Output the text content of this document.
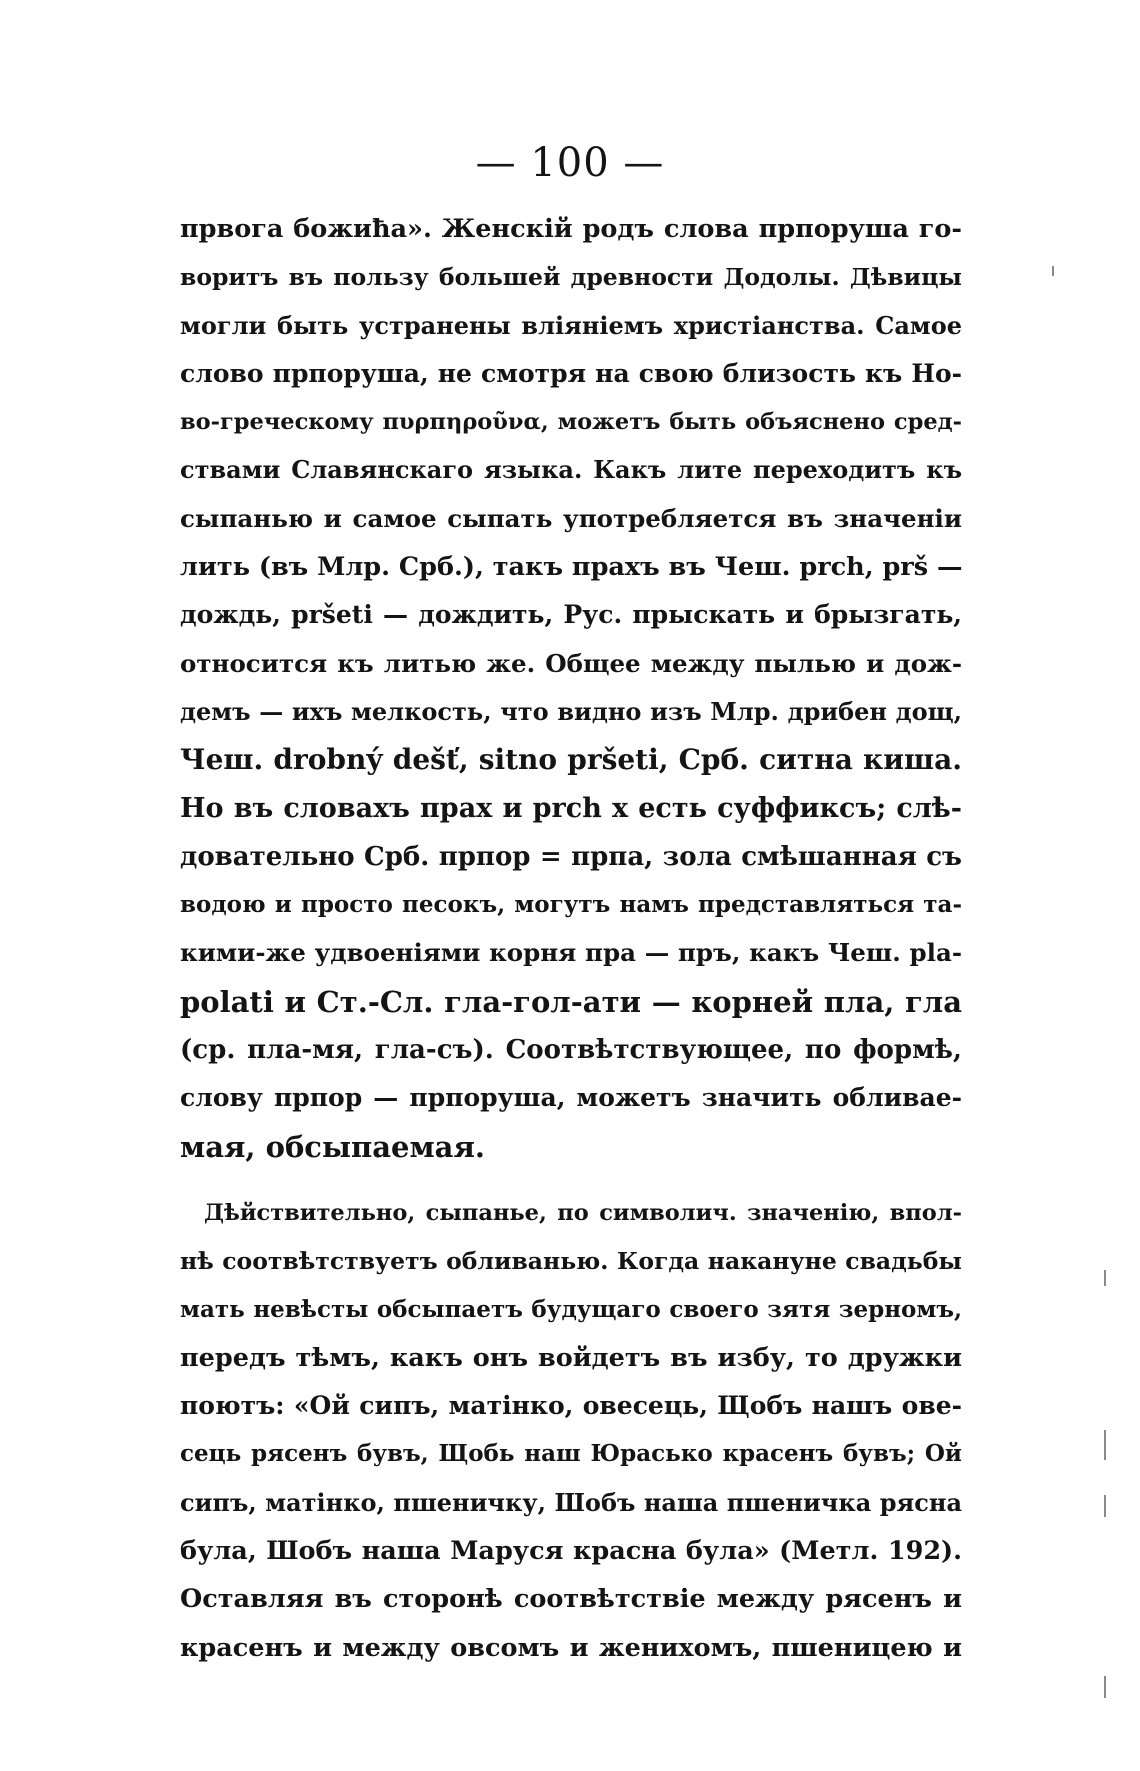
— 100 —
првога божиħа». Женскій родъ слова прпоруша го-
воритъ въ пользу большей древности Додолы. Дѣвицы
могли быть устранены вліяніемъ христіанства. Самое
слово прпоруша, не смотря на свою близость къ Но-
во-греческому πυρπηροῦνα, можетъ быть объяснено сред-
ствами Славянскаго языка. Какъ лите переходитъ къ
сыпанью и самое сыпать употребляется въ значеніи
лить (въ Млр. Срб.), такъ прахъ въ Чеш. prch, prš —
дождь, pršeti — дождить, Рус. прыскать и брызгать,
относится къ литью же. Общее между пылью и дож-
демъ — ихъ мелкость, что видно изъ Млр. дрибен дощ,
Чеш. drobný dešť, sitno pršeti, Срб. ситна киша.
Но въ словахъ прах и prch х есть суффиксъ; слѣ-
довательно Срб. прпор = прпа, зола смѣшанная съ
водою и просто песокъ, могутъ намъ представляться та-
кими-же удвоеніями корня пра — пръ, какъ Чеш. pla-
polati и Ст.-Сл. гла-гол-ати — корней пла, гла
(ср. пла-мя, гла-съ). Соотвѣтствующее, по формѣ,
слову прпор — прпоруша, можетъ значить обливае-
мая, обсыпаемая.
Дѣйствительно, сыпанье, по символич. значенію, впол-
нѣ соотвѣтствуетъ обливанью. Когда накануне свадьбы
мать невѣсты обсыпаетъ будущаго своего зятя зерномъ,
передъ тѣмъ, какъ онъ войдетъ въ избу, то дружки
поютъ: «Ой сипъ, матінко, овесець, Щобъ нашъ ове-
сець рясенъ бувъ, Щобь наш Юрасько красенъ бувъ; Ой
сипъ, матінко, пшеничку, Шобъ наша пшеничка рясна
була, Шобъ наша Маруся красна була» (Метл. 192).
Оставляя въ сторонѣ соотвѣтствіе между рясенъ и
красенъ и между овсомъ и женихомъ, пшеницею и
